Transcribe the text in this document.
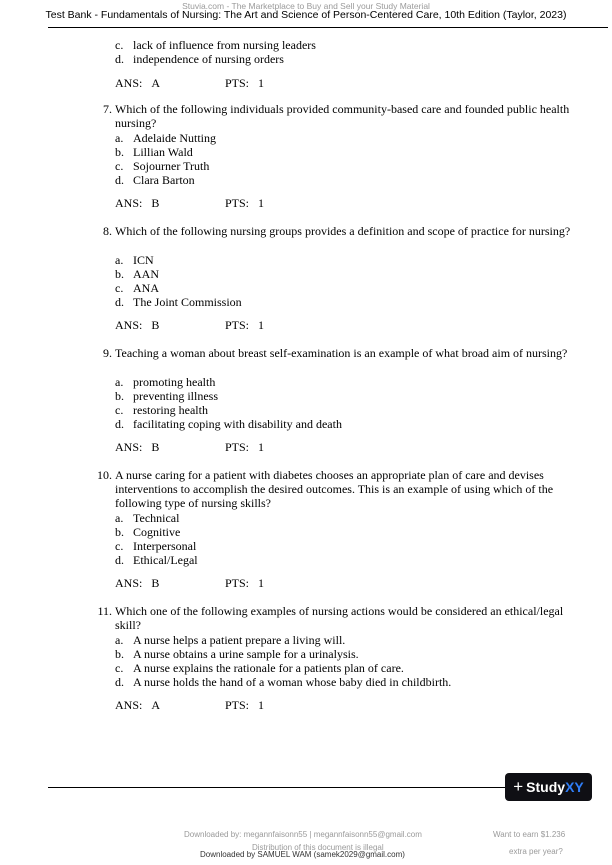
Stuvia.com - The Marketplace to Buy and Sell your Study Material
Test Bank - Fundamentals of Nursing: The Art and Science of Person-Centered Care, 10th Edition (Taylor, 2023)
c. lack of influence from nursing leaders
d. independence of nursing orders
ANS: A	PTS: 1
7. Which of the following individuals provided community-based care and founded public health nursing?
a. Adelaide Nutting
b. Lillian Wald
c. Sojourner Truth
d. Clara Barton
ANS: B	PTS: 1
8. Which of the following nursing groups provides a definition and scope of practice for nursing?
a. ICN
b. AAN
c. ANA
d. The Joint Commission
ANS: B	PTS: 1
9. Teaching a woman about breast self-examination is an example of what broad aim of nursing?
a. promoting health
b. preventing illness
c. restoring health
d. facilitating coping with disability and death
ANS: B	PTS: 1
10. A nurse caring for a patient with diabetes chooses an appropriate plan of care and devises interventions to accomplish the desired outcomes. This is an example of using which of the following type of nursing skills?
a. Technical
b. Cognitive
c. Interpersonal
d. Ethical/Legal
ANS: B	PTS: 1
11. Which one of the following examples of nursing actions would be considered an ethical/legal skill?
a. A nurse helps a patient prepare a living will.
b. A nurse obtains a urine sample for a urinalysis.
c. A nurse explains the rationale for a patients plan of care.
d. A nurse holds the hand of a woman whose baby died in childbirth.
ANS: A	PTS: 1
+ StudyXY
Downloaded by: megannfaisonn55 | megannfaisonn55@gmail.com
Distribution of this document is illegal
Downloaded by SAMUEL WAM (samek2029@gmail.com)
Want to earn $1.236
extra per year?
